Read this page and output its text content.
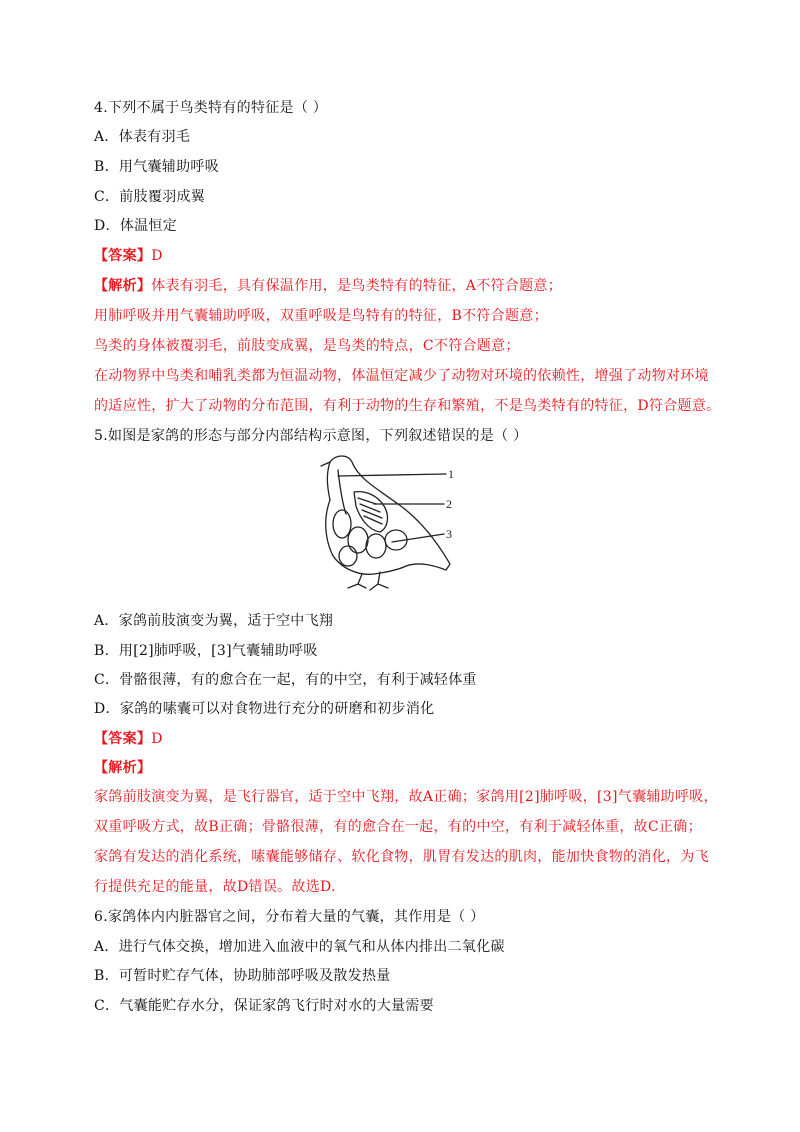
4.下列不属于鸟类特有的特征是（ ）
A．体表有羽毛
B．用气囊辅助呼吸
C．前肢覆羽成翼
D．体温恒定
【答案】D
【解析】体表有羽毛，具有保温作用，是鸟类特有的特征，A不符合题意；
用肺呼吸并用气囊辅助呼吸，双重呼吸是鸟特有的特征，B不符合题意；
鸟类的身体被覆羽毛，前肢变成翼，是鸟类的特点，C不符合题意；
在动物界中鸟类和哺乳类都为恒温动物，体温恒定减少了动物对环境的依赖性，增强了动物对环境
的适应性，扩大了动物的分布范围，有利于动物的生存和繁殖，不是鸟类特有的特征，D符合题意。
5.如图是家鸽的形态与部分内部结构示意图，下列叙述错误的是（ ）
1
2
3
A．家鸽前肢演变为翼，适于空中飞翔
B．用[2]肺呼吸，[3]气囊辅助呼吸
C．骨骼很薄，有的愈合在一起，有的中空，有利于减轻体重
D．家鸽的嗉囊可以对食物进行充分的研磨和初步消化
【答案】D
【解析】
家鸽前肢演变为翼，是飞行器官，适于空中飞翔，故A正确；家鸽用[2]肺呼吸，[3]气囊辅助呼吸，
双重呼吸方式，故B正确；骨骼很薄，有的愈合在一起，有的中空，有利于减轻体重，故C正确；
家鸽有发达的消化系统，嗉囊能够储存、软化食物，肌胃有发达的肌肉，能加快食物的消化，为飞
行提供充足的能量，故D错误。故选D.
6.家鸽体内内脏器官之间，分布着大量的气囊，其作用是（ ）
A．进行气体交换，增加进入血液中的氧气和从体内排出二氧化碳
B．可暂时贮存气体，协助肺部呼吸及散发热量
C．气囊能贮存水分，保证家鸽飞行时对水的大量需要
